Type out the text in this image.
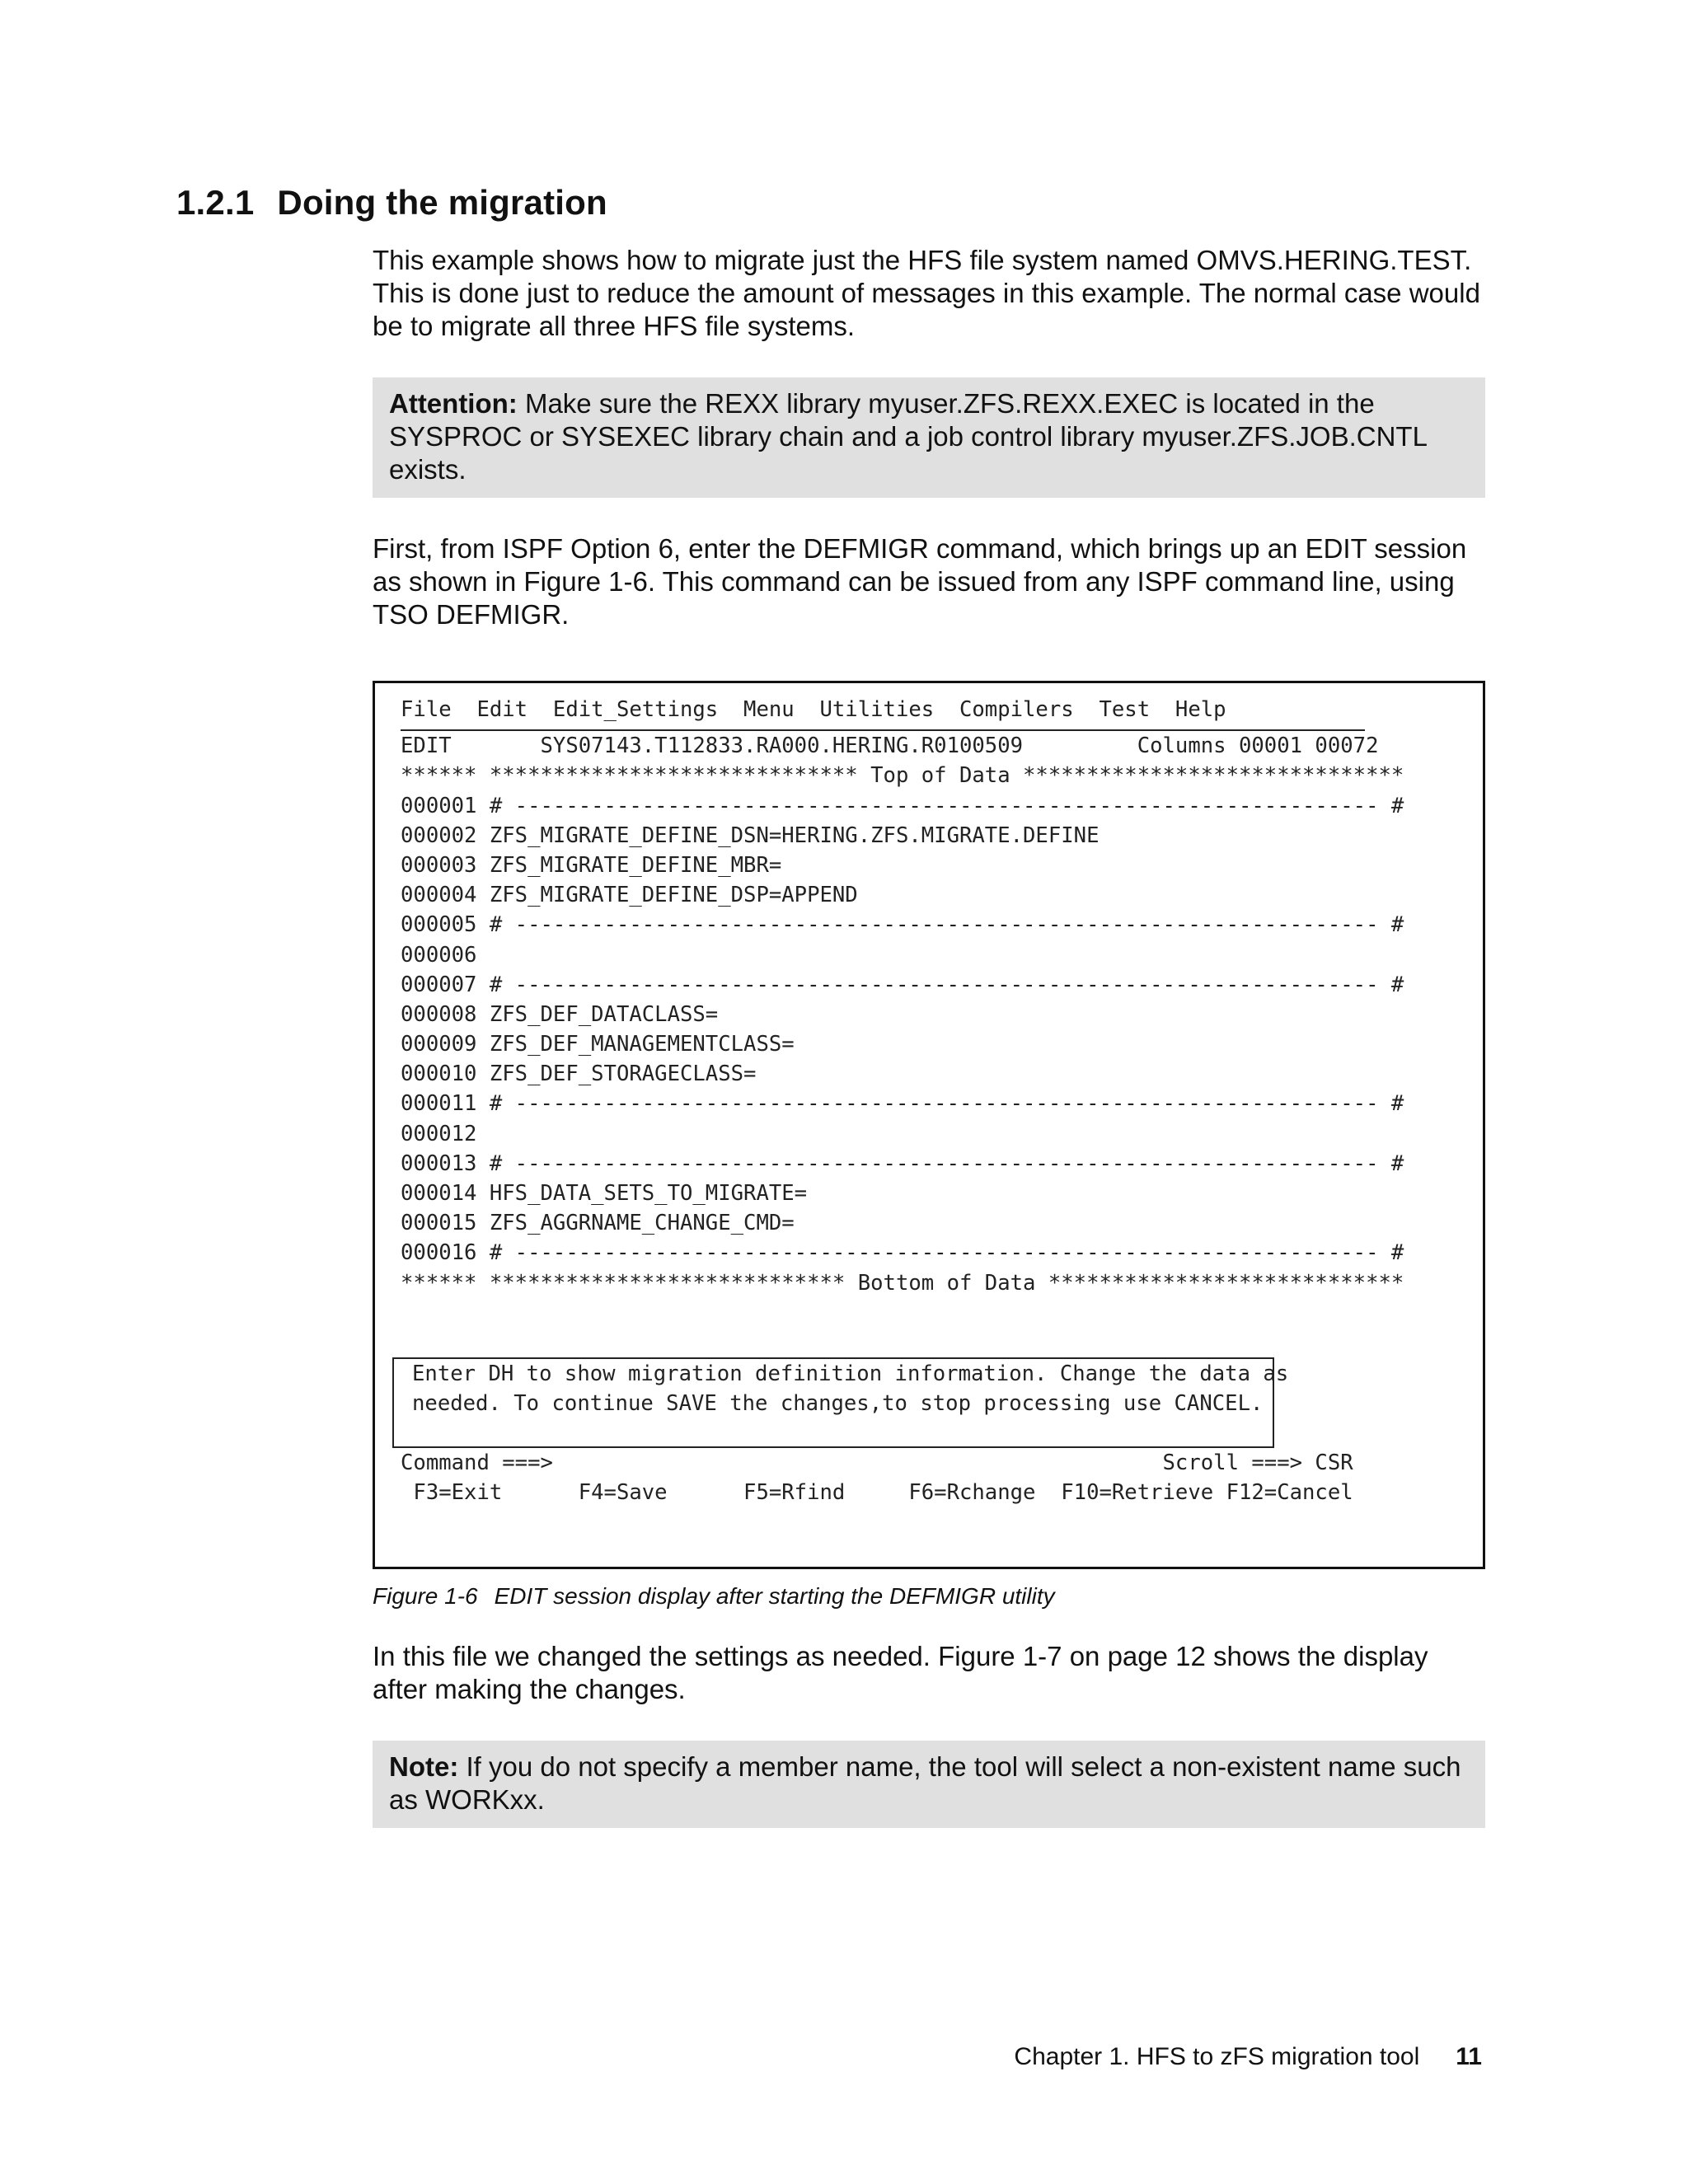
1.2.1 Doing the migration

This example shows how to migrate just the HFS file system named OMVS.HERING.TEST. This is done just to reduce the amount of messages in this example. The normal case would be to migrate all three HFS file systems.

Attention: Make sure the REXX library myuser.ZFS.REXX.EXEC is located in the SYSPROC or SYSEXEC library chain and a job control library myuser.ZFS.JOB.CNTL exists.

First, from ISPF Option 6, enter the DEFMIGR command, which brings up an EDIT session as shown in Figure 1-6. This command can be issued from any ISPF command line, using TSO DEFMIGR.

File  Edit  Edit_Settings  Menu  Utilities  Compilers  Test  Help
EDIT       SYS07143.T112833.RA000.HERING.R0100509         Columns 00001 00072
****** ***************************** Top of Data ******************************
000001 # -------------------------------------------------------------------- #
000002 ZFS_MIGRATE_DEFINE_DSN=HERING.ZFS.MIGRATE.DEFINE
000003 ZFS_MIGRATE_DEFINE_MBR=
000004 ZFS_MIGRATE_DEFINE_DSP=APPEND
000005 # -------------------------------------------------------------------- #
000006
000007 # -------------------------------------------------------------------- #
000008 ZFS_DEF_DATACLASS=
000009 ZFS_DEF_MANAGEMENTCLASS=
000010 ZFS_DEF_STORAGECLASS=
000011 # -------------------------------------------------------------------- #
000012
000013 # -------------------------------------------------------------------- #
000014 HFS_DATA_SETS_TO_MIGRATE=
000015 ZFS_AGGRNAME_CHANGE_CMD=
000016 # -------------------------------------------------------------------- #
****** **************************** Bottom of Data ****************************
Enter DH to show migration definition information. Change the data as
needed. To continue SAVE the changes,to stop processing use CANCEL.
Command ===>                                                Scroll ===> CSR
F3=Exit      F4=Save      F5=Rfind     F6=Rchange  F10=Retrieve F12=Cancel

Figure 1-6 EDIT session display after starting the DEFMIGR utility

In this file we changed the settings as needed. Figure 1-7 on page 12 shows the display after making the changes.

Note: If you do not specify a member name, the tool will select a non-existent name such as WORKxx.
Chapter 1. HFS to zFS migration tool 11
